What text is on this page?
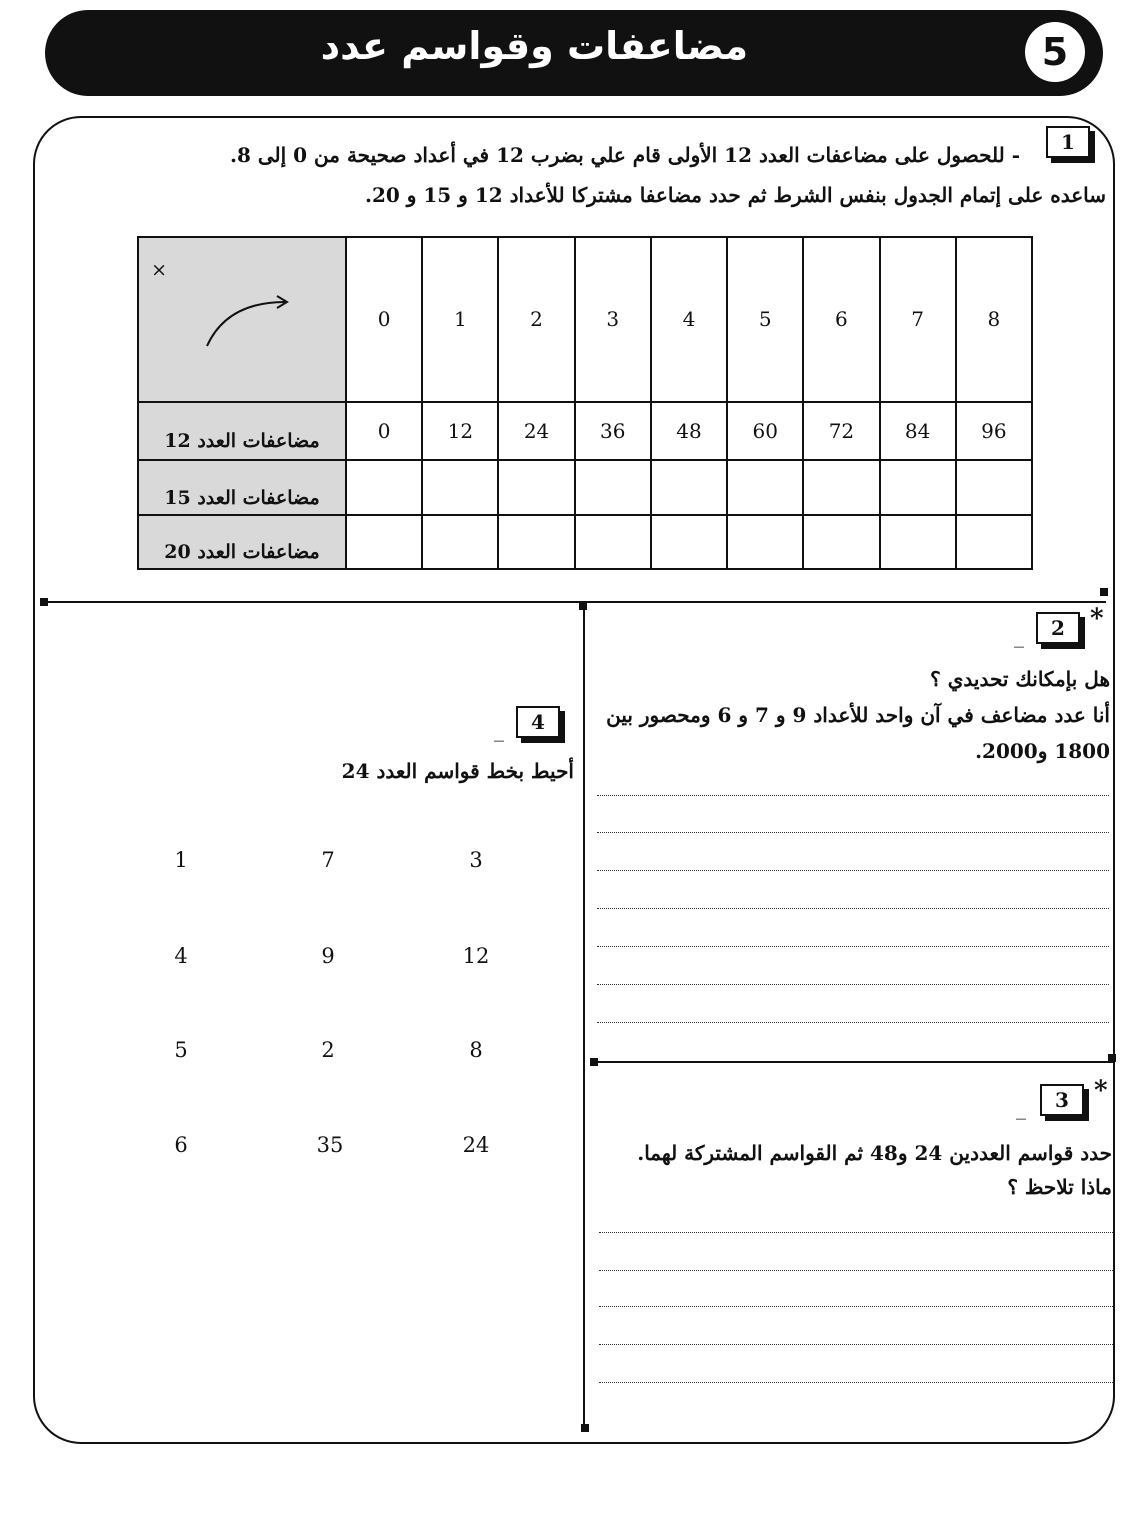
مضاعفات وقواسم عدد	5
1
- للحصول على مضاعفات العدد 12 الأولى قام علي بضرب 12 في أعداد صحيحة من 0 إلى 8.
ساعده على إتمام الجدول بنفس الشرط ثم حدد مضاعفا مشتركا للأعداد 12 و 15 و 20.
×	0	1	2	3	4	5	6	7	8
مضاعفات العدد 12	0	12	24	36	48	60	72	84	96
مضاعفات العدد 15									
مضاعفات العدد 20									
*
2
_
هل بإمكانك تحديدي ؟
أنا عدد مضاعف في آن واحد للأعداد 9 و 7 و 6 ومحصور بين
1800 و2000.
*
3
_
حدد قواسم العددين 24 و48 ثم القواسم المشتركة لهما.
ماذا تلاحظ ؟
4
_
أحيط بخط قواسم العدد 24
1	7	3
4	9	12
5	2	8
6	35	24
